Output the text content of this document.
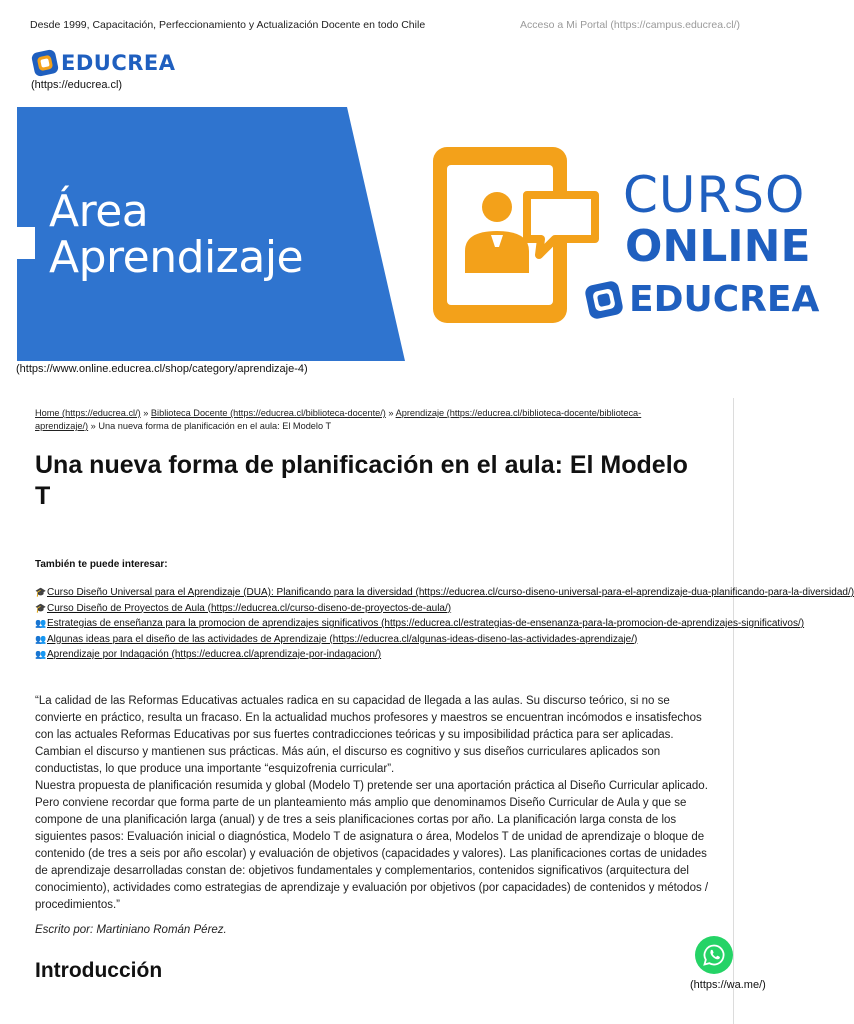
Desde 1999, Capacitación, Perfeccionamiento y Actualización Docente en todo Chile	Acceso a Mi Portal (https://campus.educrea.cl/)
EDUCREA
(https://educrea.cl)
Área
Aprendizaje
CURSO
ONLINE
EDUCREA
(https://www.online.educrea.cl/shop/category/aprendizaje-4)
Home (https://educrea.cl/) » Biblioteca Docente (https://educrea.cl/biblioteca-docente/) » Aprendizaje (https://educrea.cl/biblioteca-docente/biblioteca-aprendizaje/) » Una nueva forma de planificación en el aula: El Modelo T
Una nueva forma de planificación en el aula: El Modelo T
También te puede interesar:
🎓Curso Diseño Universal para el Aprendizaje (DUA): Planificando para la diversidad (https://educrea.cl/curso-diseno-universal-para-el-aprendizaje-dua-planificando-para-la-diversidad/)
🎓Curso Diseño de Proyectos de Aula (https://educrea.cl/curso-diseno-de-proyectos-de-aula/)
👥Estrategias de enseñanza para la promocion de aprendizajes significativos (https://educrea.cl/estrategias-de-ensenanza-para-la-promocion-de-aprendizajes-significativos/)
👥Algunas ideas para el diseño de las actividades de Aprendizaje (https://educrea.cl/algunas-ideas-diseno-las-actividades-aprendizaje/)
👥Aprendizaje por Indagación (https://educrea.cl/aprendizaje-por-indagacion/)

“La calidad de las Reformas Educativas actuales radica en su capacidad de llegada a las aulas. Su discurso teórico, si no se convierte en práctico, resulta un fracaso. En la actualidad muchos profesores y maestros se encuentran incómodos e insatisfechos con las actuales Reformas Educativas por sus fuertes contradicciones teóricas y su imposibilidad práctica para ser aplicadas. Cambian el discurso y mantienen sus prácticas. Más aún, el discurso es cognitivo y sus diseños curriculares aplicados son conductistas, lo que produce una importante “esquizofrenia curricular”.

Nuestra propuesta de planificación resumida y global (Modelo T) pretende ser una aportación práctica al Diseño Curricular aplicado. Pero conviene recordar que forma parte de un planteamiento más amplio que denominamos Diseño Curricular de Aula y que se compone de una planificación larga (anual) y de tres a seis planificaciones cortas por año. La planificación larga consta de los siguientes pasos: Evaluación inicial o diagnóstica, Modelo T de asignatura o área, Modelos T de unidad de aprendizaje o bloque de contenido (de tres a seis por año escolar) y evaluación de objetivos (capacidades y valores). Las planificaciones cortas de unidades de aprendizaje desarrolladas constan de: objetivos fundamentales y complementarios, contenidos significativos (arquitectura del conocimiento), actividades como estrategias de aprendizaje y evaluación por objetivos (por capacidades) de contenidos y métodos / procedimientos.”

Escrito por: Martiniano Román Pérez.
Introducción
(https://wa.me/)
